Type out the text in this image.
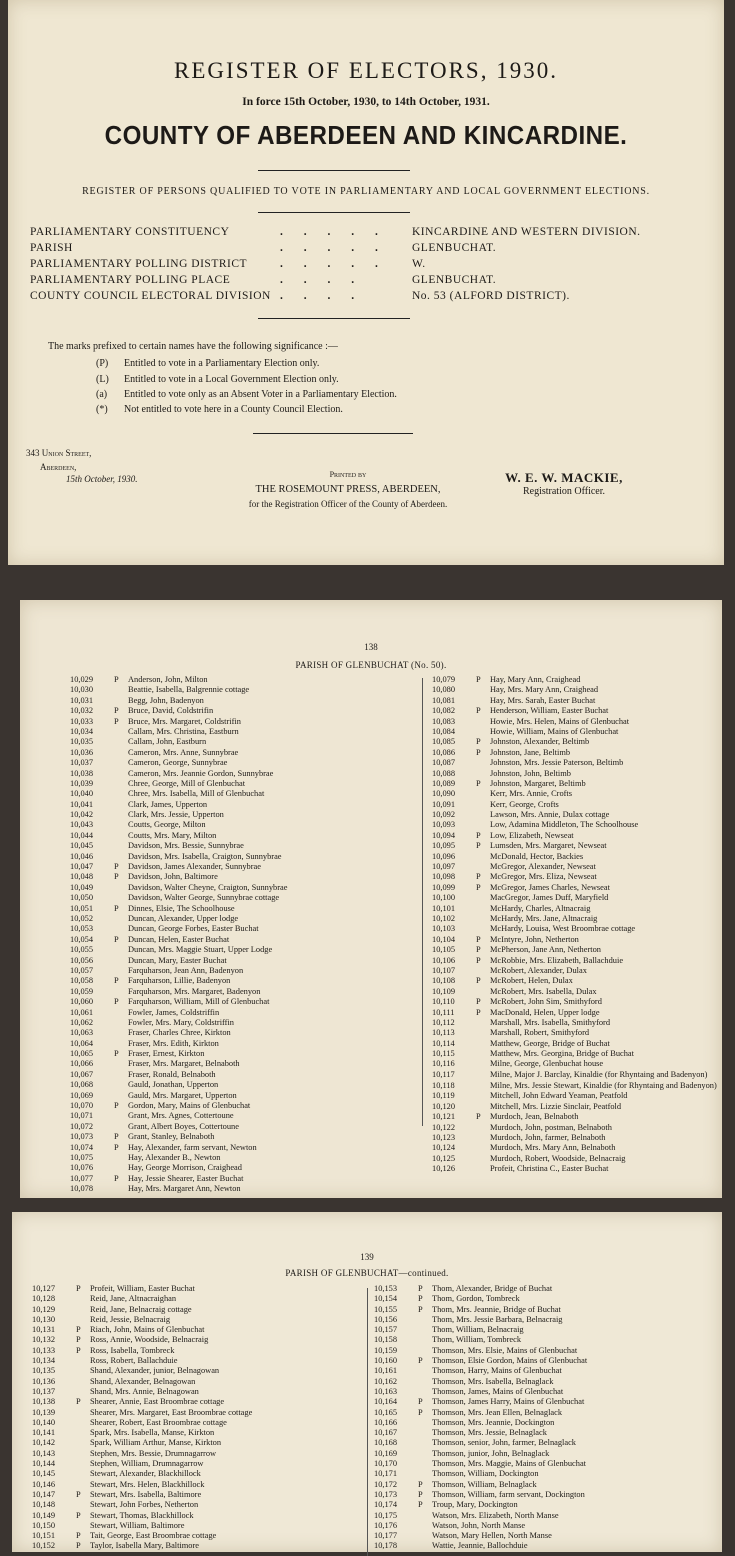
REGISTER OF ELECTORS, 1930.
In force 15th October, 1930, to 14th October, 1931.
COUNTY OF ABERDEEN AND KINCARDINE.
REGISTER OF PERSONS QUALIFIED TO VOTE IN PARLIAMENTARY AND LOCAL GOVERNMENT ELECTIONS.
PARLIAMENTARY CONSTITUENCY	. . . . . KINCARDINE AND WESTERN DIVISION.
PARISH	. . . . . GLENBUCHAT.
PARLIAMENTARY POLLING DISTRICT	. . . . . W.
PARLIAMENTARY POLLING PLACE	. . . .	GLENBUCHAT.
COUNTY COUNCIL ELECTORAL DIVISION . . . .	No. 53 (ALFORD DISTRICT).
The marks prefixed to certain names have the following significance :—
(P) Entitled to vote in a Parliamentary Election only.
(L) Entitled to vote in a Local Government Election only.
(a) Entitled to vote only as an Absent Voter in a Parliamentary Election.
(*) Not entitled to vote here in a County Council Election.
343 Union Street,
Aberdeen,
15th October, 1930.	Printed by
THE ROSEMOUNT PRESS, ABERDEEN,
for the Registration Officer of the County of Aberdeen.
W. E. W. MACKIE,
Registration Officer.
138
PARISH OF GLENBUCHAT (No. 50).
10,029	P	Anderson, John, Milton
10,030	Beattie, Isabella, Balgrennie cottage
10,031	Begg, John, Badenyon
10,032	P	Bruce, David, Coldstrifin
10,033	P	Bruce, Mrs. Margaret, Coldstrifin
10,034	Callam, Mrs. Christina, Eastburn
10,035	Callam, John, Eastburn
10,036	Cameron, Mrs. Anne, Sunnybrae
10,037	Cameron, George, Sunnybrae
10,038	Cameron, Mrs. Jeannie Gordon, Sunnybrae
10,039	Chree, George, Mill of Glenbuchat
10,040	Chree, Mrs. Isabella, Mill of Glenbuchat
10,041	Clark, James, Upperton
10,042	Clark, Mrs. Jessie, Upperton
10,043	Coutts, George, Milton
10,044	Coutts, Mrs. Mary, Milton
10,045	Davidson, Mrs. Bessie, Sunnybrae
10,046	Davidson, Mrs. Isabella, Craigton, Sunnybrae
10,047	P	Davidson, James Alexander, Sunnybrae
10,048	P	Davidson, John, Baltimore
10,049	Davidson, Walter Cheyne, Craigton, Sunnybrae
10,050	Davidson, Walter George, Sunnybrae cottage
10,051	P	Dinnes, Elsie, The Schoolhouse
10,052	Duncan, Alexander, Upper lodge
10,053	Duncan, George Forbes, Easter Buchat
10,054	P	Duncan, Helen, Easter Buchat
10,055	Duncan, Mrs. Maggie Stuart, Upper Lodge
10,056	Duncan, Mary, Easter Buchat
10,057	Farquharson, Jean Ann, Badenyon
10,058	P	Farquharson, Lillie, Badenyon
10,059	Farquharson, Mrs. Margaret, Badenyon
10,060	P	Farquharson, William, Mill of Glenbuchat
10,061	Fowler, James, Coldstriffin
10,062	Fowler, Mrs. Mary, Coldstriffin
10,063	Fraser, Charles Chree, Kirkton
10,064	Fraser, Mrs. Edith, Kirkton
10,065	P	Fraser, Ernest, Kirkton
10,066	Fraser, Mrs. Margaret, Belnaboth
10,067	Fraser, Ronald, Belnaboth
10,068	Gauld, Jonathan, Upperton
10,069	Gauld, Mrs. Margaret, Upperton
10,070	P	Gordon, Mary, Mains of Glenbuchat
10,071	Grant, Mrs. Agnes, Cottertoune
10,072	Grant, Albert Boyes, Cottertoune
10,073	P	Grant, Stanley, Belnaboth
10,074	P	Hay, Alexander, farm servant, Newton
10,075	Hay, Alexander B., Newton
10,076	Hay, George Morrison, Craighead
10,077	P	Hay, Jessie Shearer, Easter Buchat
10,078	Hay, Mrs. Margaret Ann, Newton
10,079	P	Hay, Mary Ann, Craighead
10,080	Hay, Mrs. Mary Ann, Craighead
10,081	Hay, Mrs. Sarah, Easter Buchat
10,082	P	Henderson, William, Easter Buchat
10,083	Howie, Mrs. Helen, Mains of Glenbuchat
10,084	Howie, William, Mains of Glenbuchat
10,085	P	Johnston, Alexander, Beltimb
10,086	P	Johnston, Jane, Beltimb
10,087	Johnston, Mrs. Jessie Paterson, Beltimb
10,088	Johnston, John, Beltimb
10,089	P	Johnston, Margaret, Beltimb
10,090	Kerr, Mrs. Annie, Crofts
10,091	Kerr, George, Crofts
10,092	Lawson, Mrs. Annie, Dulax cottage
10,093	Low, Adamina Middleton, The Schoolhouse
10,094	P	Low, Elizabeth, Newseat
10,095	P	Lumsden, Mrs. Margaret, Newseat
10,096	McDonald, Hector, Backies
10,097	McGregor, Alexander, Newseat
10,098	P	McGregor, Mrs. Eliza, Newseat
10,099	P	McGregor, James Charles, Newseat
10,100	MacGregor, James Duff, Maryfield
10,101	McHardy, Charles, Altnacraig
10,102	McHardy, Mrs. Jane, Altnacraig
10,103	McHardy, Louisa, West Broombrae cottage
10,104	P	McIntyre, John, Netherton
10,105	P	McPherson, Jane Ann, Netherton
10,106	P	McRobbie, Mrs. Elizabeth, Ballachduie
10,107	McRobert, Alexander, Dulax
10,108	P	McRobert, Helen, Dulax
10,109	McRobert, Mrs. Isabella, Dulax
10,110	P	McRobert, John Sim, Smithyford
10,111	P	MacDonald, Helen, Upper lodge
10,112	Marshall, Mrs. Isabella, Smithyford
10,113	Marshall, Robert, Smithyford
10,114	Matthew, George, Bridge of Buchat
10,115	Matthew, Mrs. Georgina, Bridge of Buchat
10,116	Milne, George, Glenbuchat house
10,117	Milne, Major J. Barclay, Kinaldie (for Rhyntaing and Badenyon)
10,118	Milne, Mrs. Jessie Stewart, Kinaldie (for Rhyntaing and Badenyon)
10,119	Mitchell, John Edward Yeaman, Peatfold
10,120	Mitchell, Mrs. Lizzie Sinclair, Peatfold
10,121	P	Murdoch, Jean, Belnaboth
10,122	Murdoch, John, postman, Belnaboth
10,123	Murdoch, John, farmer, Belnaboth
10,124	Murdoch, Mrs. Mary Ann, Belnaboth
10,125	Murdoch, Robert, Woodside, Belnacraig
10,126	Profeit, Christina C., Easter Buchat
139
PARISH OF GLENBUCHAT—continued.
10,127	P	Profeit, William, Easter Buchat
10,128	Reid, Jane, Altnacraighan
10,129	Reid, Jane, Belnacraig cottage
10,130	Reid, Jessie, Belnacraig
10,131	P	Riach, John, Mains of Glenbuchat
10,132	P	Ross, Annie, Woodside, Belnacraig
10,133	P	Ross, Isabella, Tombreck
10,134	Ross, Robert, Ballachduie
10,135	Shand, Alexander, junior, Belnagowan
10,136	Shand, Alexander, Belnagowan
10,137	Shand, Mrs. Annie, Belnagowan
10,138	P	Shearer, Annie, East Broombrae cottage
10,139	Shearer, Mrs. Margaret, East Broombrae cottage
10,140	Shearer, Robert, East Broombrae cottage
10,141	Spark, Mrs. Isabella, Manse, Kirkton
10,142	Spark, William Arthur, Manse, Kirkton
10,143	Stephen, Mrs. Bessie, Drumnagarrow
10,144	Stephen, William, Drumnagarrow
10,145	Stewart, Alexander, Blackhillock
10,146	Stewart, Mrs. Helen, Blackhillock
10,147	P	Stewart, Mrs. Isabella, Baltimore
10,148	Stewart, John Forbes, Netherton
10,149	P	Stewart, Thomas, Blackhillock
10,150	Stewart, William, Baltimore
10,151	P	Tait, George, East Broombrae cottage
10,152	P	Taylor, Isabella Mary, Baltimore
10,153	P	Thom, Alexander, Bridge of Buchat
10,154	P	Thom, Gordon, Tombreck
10,155	P	Thom, Mrs. Jeannie, Bridge of Buchat
10,156	Thom, Mrs. Jessie Barbara, Belnacraig
10,157	Thom, William, Belnacraig
10,158	Thom, William, Tombreck
10,159	Thomson, Mrs. Elsie, Mains of Glenbuchat
10,160	P	Thomson, Elsie Gordon, Mains of Glenbuchat
10,161	Thomson, Harry, Mains of Glenbuchat
10,162	Thomson, Mrs. Isabella, Belnaglack
10,163	Thomson, James, Mains of Glenbuchat
10,164	P	Thomson, James Harry, Mains of Glenbuchat
10,165	P	Thomson, Mrs. Jean Ellen, Belnaglack
10,166	Thomson, Mrs. Jeannie, Dockington
10,167	Thomson, Mrs. Jessie, Belnaglack
10,168	Thomson, senior, John, farmer, Belnaglack
10,169	Thomson, junior, John, Belnaglack
10,170	Thomson, Mrs. Maggie, Mains of Glenbuchat
10,171	Thomson, William, Dockington
10,172	P	Thomson, William, Belnaglack
10,173	P	Thomson, William, farm servant, Dockington
10,174	P	Troup, Mary, Dockington
10,175	Watson, Mrs. Elizabeth, North Manse
10,176	Watson, John, North Manse
10,177	Watson, Mary Hellen, North Manse
10,178	Wattie, Jeannie, Ballochduie
